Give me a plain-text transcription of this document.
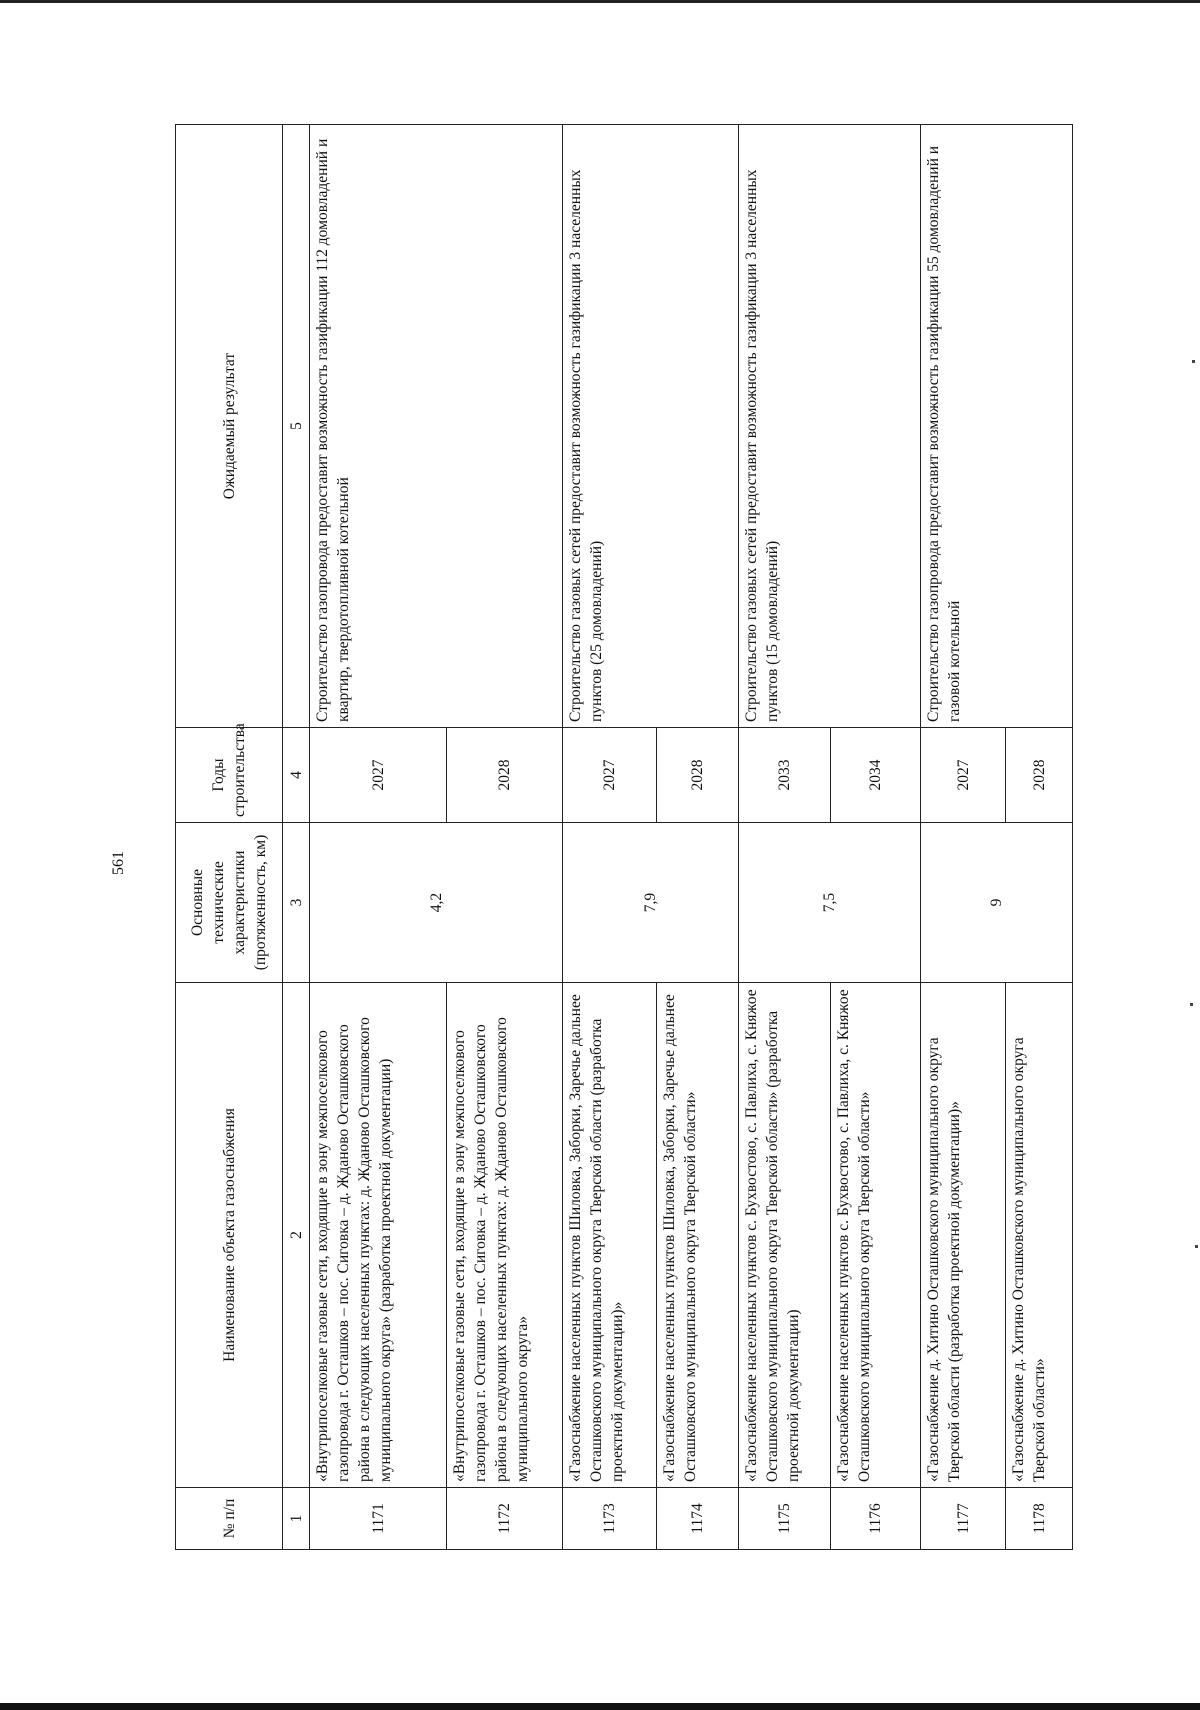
561
№ п/п	Наименование объекта газоснабжения	Основные технические характеристики (протяженность, км)	Годы строительства	Ожидаемый результат
1	2	3	4	5
1171	«Внутрипоселковые газовые сети, входящие в зону межпоселкового газопровода г. Осташков – пос. Сиговка – д. Жданово Осташковского района в следующих населенных пунктах: д. Жданово Осташковского муниципального округа» (разработка проектной документации)	4,2	2027	Строительство газопровода предоставит возможность газификации 112 домовладений и квартир, твердотопливной котельной
1172	«Внутрипоселковые газовые сети, входящие в зону межпоселкового газопровода г. Осташков – пос. Сиговка – д. Жданово Осташковского района в следующих населенных пунктах: д. Жданово Осташковского муниципального округа»		2028	
1173	«Газоснабжение населенных пунктов Шиловка, Заборки, Заречье дальнее Осташковского муниципального округа Тверской области (разработка проектной документации)»	7,9	2027	Строительство газовых сетей предоставит возможность газификации 3 населенных пунктов (25 домовладений)
1174	«Газоснабжение населенных пунктов Шиловка, Заборки, Заречье дальнее Осташковского муниципального округа Тверской области»		2028	
1175	«Газоснабжение населенных пунктов с. Бухвостово, с. Павлиха, с. Княжое Осташковского муниципального округа Тверской области» (разработка проектной документации)	7,5	2033	Строительство газовых сетей предоставит возможность газификации 3 населенных пунктов (15 домовладений)
1176	«Газоснабжение населенных пунктов с. Бухвостово, с. Павлиха, с. Княжое Осташковского муниципального округа Тверской области»		2034	
1177	«Газоснабжение д. Хитино Осташковского муниципального округа Тверской области (разработка проектной документации)»	9	2027	Строительство газопровода предоставит возможность газификации 55 домовладений и газовой котельной
1178	«Газоснабжение д. Хитино Осташковского муниципального округа Тверской области»		2028	
